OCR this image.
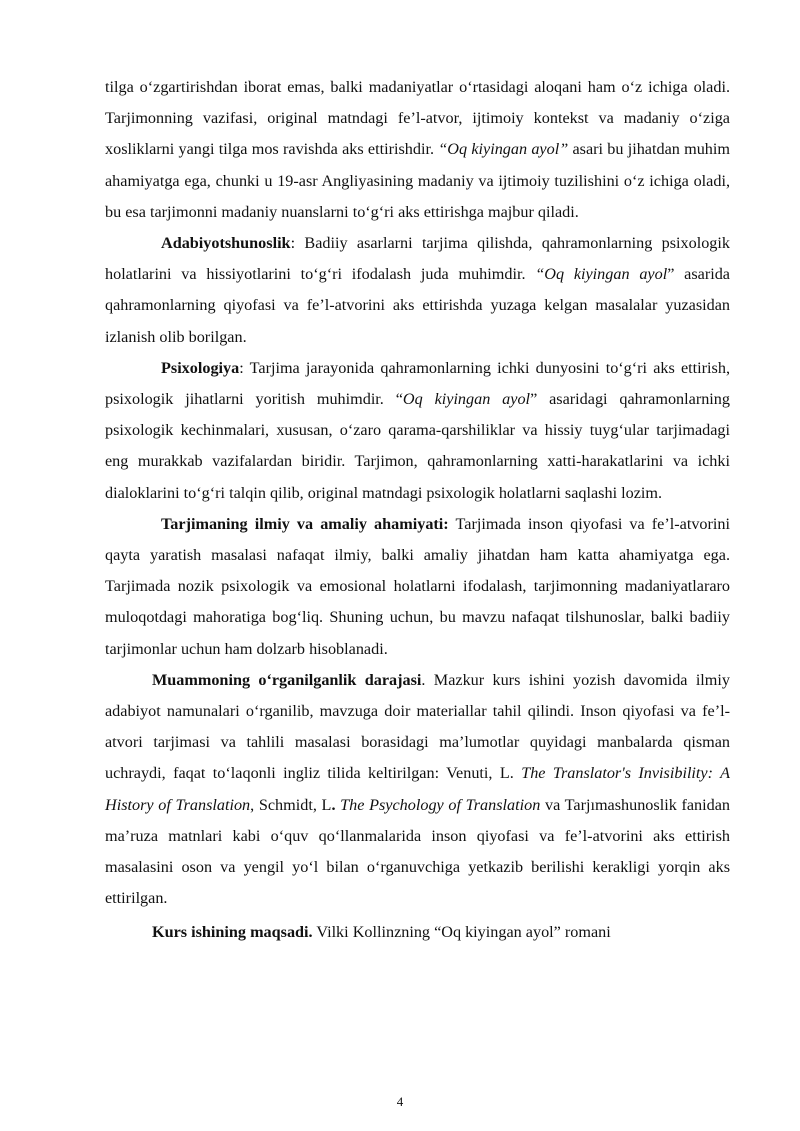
tilga o‘zgartirishdan iborat emas, balki madaniyatlar o‘rtasidagi aloqani ham o‘z ichiga oladi. Tarjimonning vazifasi, original matndagi fe’l-atvor, ijtimoiy kontekst va madaniy o‘ziga xosliklarni yangi tilga mos ravishda aks ettirishdir. “Oq kiyingan ayol” asari bu jihatdan muhim ahamiyatga ega, chunki u 19-asr Angliyasining madaniy va ijtimoiy tuzilishini o‘z ichiga oladi, bu esa tarjimonni madaniy nuanslarni to‘g‘ri aks ettirishga majbur qiladi.

Adabiyotshunoslik: Badiiy asarlarni tarjima qilishda, qahramonlarning psixologik holatlarini va hissiyotlarini to‘g‘ri ifodalash juda muhimdir. “Oq kiyingan ayol” asarida qahramonlarning qiyofasi va fe’l-atvorini aks ettirishda yuzaga kelgan masalalar yuzasidan izlanish olib borilgan.

Psixologiya: Tarjima jarayonida qahramonlarning ichki dunyosini to‘g‘ri aks ettirish, psixologik jihatlarni yoritish muhimdir. “Oq kiyingan ayol” asaridagi qahramonlarning psixologik kechinmalari, xususan, o‘zaro qarama-qarshiliklar va hissiy tuyg‘ular tarjimadagi eng murakkab vazifalardan biridir. Tarjimon, qahramonlarning xatti-harakatlarini va ichki dialoklarini to‘g‘ri talqin qilib, original matndagi psixologik holatlarni saqlashi lozim.

Tarjimaning ilmiy va amaliy ahamiyati: Tarjimada inson qiyofasi va fe’l-atvorini qayta yaratish masalasi nafaqat ilmiy, balki amaliy jihatdan ham katta ahamiyatga ega. Tarjimada nozik psixologik va emosional holatlarni ifodalash, tarjimonning madaniyatlararo muloqotdagi mahoratiga bog‘liq. Shuning uchun, bu mavzu nafaqat tilshunoslar, balki badiiy tarjimonlar uchun ham dolzarb hisoblanadi.

Muammoning o‘rganilganlik darajasi. Mazkur kurs ishini yozish davomida ilmiy adabiyot namunalari o‘rganilib, mavzuga doir materiallar tahil qilindi. Inson qiyofasi va fe’l-atvori tarjimasi va tahlili masalasi borasidagi ma’lumotlar quyidagi manbalarda qisman uchraydi, faqat to‘laqonli ingliz tilida keltirilgan: Venuti, L. The Translator's Invisibility: A History of Translation, Schmidt, L. The Psychology of Translation va Tarjımashunoslik fanidan ma’ruza matnlari kabi o‘quv qo‘llanmalarida inson qiyofasi va fe’l-atvorini aks ettirish masalasini oson va yengil yo‘l bilan o‘rganuvchiga yetkazib berilishi kerakligi yorqin aks ettirilgan.

Kurs ishining maqsadi. Vilki Kollinzning “Oq kiyingan ayol” romani

4
